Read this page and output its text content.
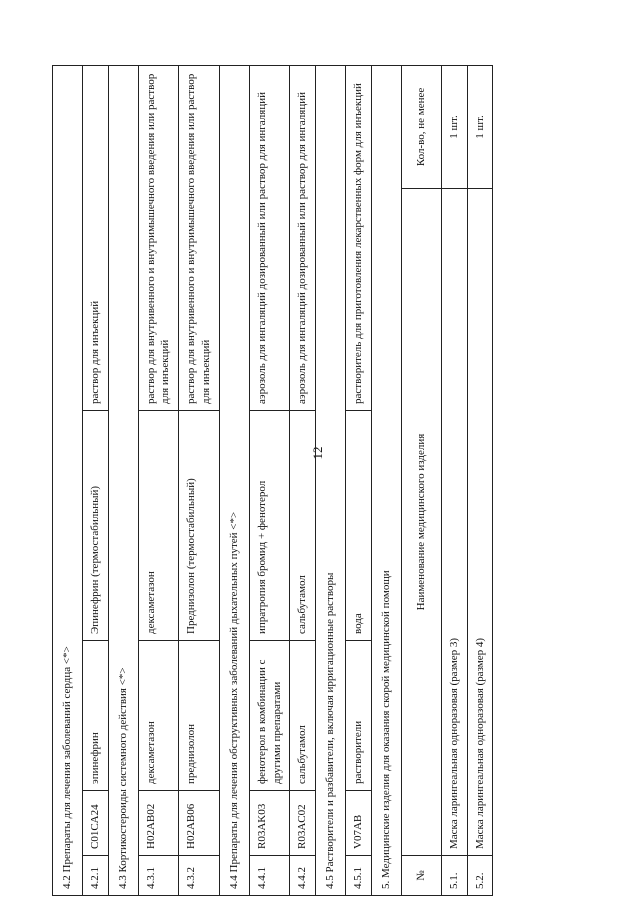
12
4.2 Препараты для лечения заболеваний сердца <*>					
4.2.1	C01CA24	эпинефрин	Эпинефрин (термостабильный)	раствор для инъекций	
4.3 Кортикостероиды системного действия <*>					
4.3.1	H02AB02	дексаметазон	дексаметазон	раствор для внутривенного и внутримышечного введения или раствор для инъекций	
4.3.2	H02AB06	преднизолон	Преднизолон (термостабильный)	раствор для внутривенного и внутримышечного введения или раствор для инъекций	
4.4 Препараты для лечения обструктивных заболеваний дыхательных путей <*>					
4.4.1	R03AK03	фенотерол в комбинации с другими препаратами	ипратропия бромид + фенотерол	аэрозоль для ингаляций дозированный или раствор для ингаляций	
4.4.2	R03AC02	сальбутамол	сальбутамол	аэрозоль для ингаляций дозированный или раствор для ингаляций	
4.5 Растворители и разбавители, включая ирригационные растворы					
4.5.1	V07AB	растворители	вода	растворитель для приготовления лекарственных форм для инъекций	
5. Медицинские изделия для оказания скорой медицинской помощи					
№	Наименование медицинского изделия				Кол-во, не менее
5.1.	Маска ларингеальная одноразовая (размер 3)				1 шт.
5.2.	Маска ларингеальная одноразовая (размер 4)				1 шт.
